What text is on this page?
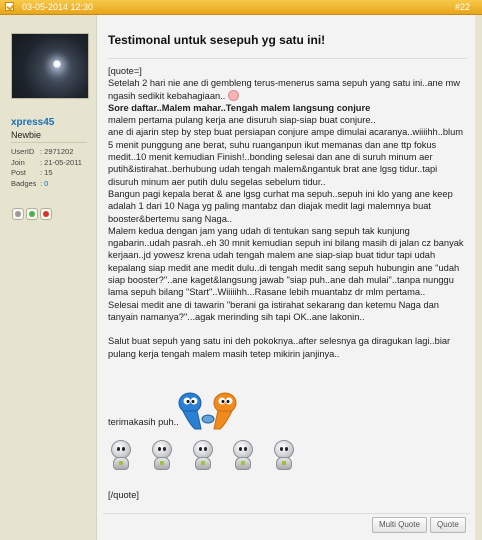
03-05-2014 12:30	#22
xpress45
Newbie
UserID : 2971202
Join : 21-05-2011
Post : 15
Badges : 0
Testimonal untuk sesepuh yg satu ini!

[quote=]

Setelah 2 hari nie ane di gembleng terus-menerus sama sepuh yang satu ini..ane mw ngasih sedikit kebahagiaan..

Sore daftar..Malem mahar..Tengah malem langsung conjure

malem pertama pulang kerja ane disuruh siap-siap buat conjure..

ane di ajarin step by step buat persiapan conjure ampe dimulai acaranya..wiiiihh..blum 5 menit punggung ane berat, suhu ruanganpun ikut memanas dan ane ttp fokus medit..10 menit kemudian Finish!..bonding selesai dan ane di suruh minum aer putih&istirahat..berhubung udah tengah malem&ngantuk brat ane lgsg tidur..tapi disuruh minum aer putih dulu segelas sebelum tidur..

Bangun pagi kepala berat & ane lgsg curhat ma sepuh..sepuh ini klo yang ane keep adalah 1 dari 10 Naga yg paling mantabz dan diajak medit lagi malemnya buat booster&bertemu sang Naga..

Malem kedua dengan jam yang udah di tentukan sang sepuh tak kunjung ngabarin..udah pasrah..eh 30 mnit kemudian sepuh ini bilang masih di jalan cz banyak kerjaan..jd yowesz krena udah tengah malem ane siap-siap buat tidur tapi udah kepalang siap medit ane medit dulu..di tengah medit sang sepuh hubungin ane "udah siap booster?"..ane kaget&langsung jawab "siap puh..ane dah mulai"..tanpa nunggu lama sepuh bilang "Start"..Wiiiiihh...Rasane lebih muantabz dr mlm pertama..

Selesai medit ane di tawarin "berani ga istirahat sekarang dan ketemu Naga dan tanyain namanya?"...agak merinding sih tapi OK..ane lakonin..

Salut buat sepuh yang satu ini deh pokoknya..after selesnya ga diragukan lagi..biar pulang kerja tengah malem masih tetep mikirin janjinya..

terimakasih puh..
[/quote]
Multi Quote	Quote
